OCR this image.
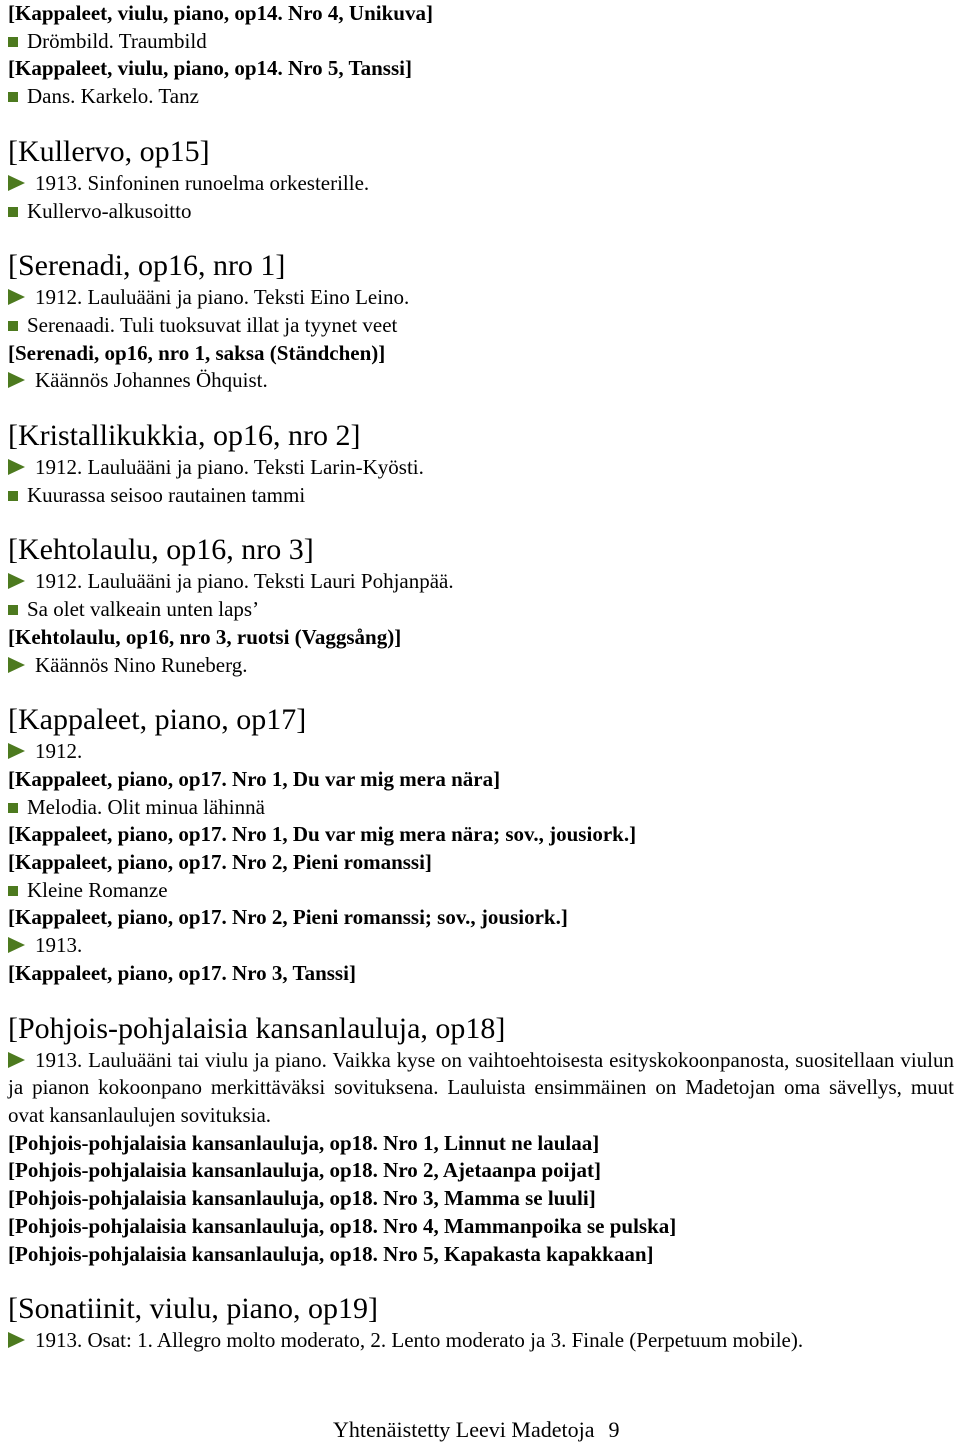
[Kappaleet, viulu, piano, op14. Nro 4, Unikuva]
Drömbild. Traumbild
[Kappaleet, viulu, piano, op14. Nro 5, Tanssi]
Dans. Karkelo. Tanz
[Kullervo, op15]
1913. Sinfoninen runoelma orkesterille.
Kullervo-alkusoitto
[Serenadi, op16, nro 1]
1912. Lauluääni ja piano. Teksti Eino Leino.
Serenaadi. Tuli tuoksuvat illat ja tyynet veet
[Serenadi, op16, nro 1, saksa (Ständchen)]
Käännös Johannes Öhquist.
[Kristallikukkia, op16, nro 2]
1912. Lauluääni ja piano. Teksti Larin-Kyösti.
Kuurassa seisoo rautainen tammi
[Kehtolaulu, op16, nro 3]
1912. Lauluääni ja piano. Teksti Lauri Pohjanpää.
Sa olet valkeain unten laps’
[Kehtolaulu, op16, nro 3, ruotsi (Vaggsång)]
Käännös Nino Runeberg.
[Kappaleet, piano, op17]
1912.
[Kappaleet, piano, op17. Nro 1, Du var mig mera nära]
Melodia. Olit minua lähinnä
[Kappaleet, piano, op17. Nro 1, Du var mig mera nära; sov., jousiork.]
[Kappaleet, piano, op17. Nro 2, Pieni romanssi]
Kleine Romanze
[Kappaleet, piano, op17. Nro 2, Pieni romanssi; sov., jousiork.]
1913.
[Kappaleet, piano, op17. Nro 3, Tanssi]
[Pohjois-pohjalaisia kansanlauluja, op18]
1913. Lauluääni tai viulu ja piano. Vaikka kyse on vaihtoehtoisesta esityskokoonpanosta, suositellaan viulun ja pianon kokoonpano merkittäväksi sovituksena. Lauluista ensimmäinen on Madetojan oma sävellys, muut ovat kansanlaulujen sovituksia.
[Pohjois-pohjalaisia kansanlauluja, op18. Nro 1, Linnut ne laulaa]
[Pohjois-pohjalaisia kansanlauluja, op18. Nro 2, Ajetaanpa poijat]
[Pohjois-pohjalaisia kansanlauluja, op18. Nro 3, Mamma se luuli]
[Pohjois-pohjalaisia kansanlauluja, op18. Nro 4, Mammanpoika se pulska]
[Pohjois-pohjalaisia kansanlauluja, op18. Nro 5, Kapakasta kapakkaan]
[Sonatiinit, viulu, piano, op19]
1913. Osat: 1. Allegro molto moderato, 2. Lento moderato ja 3. Finale (Perpetuum mobile).
Yhtenäistetty Leevi Madetoja 9
